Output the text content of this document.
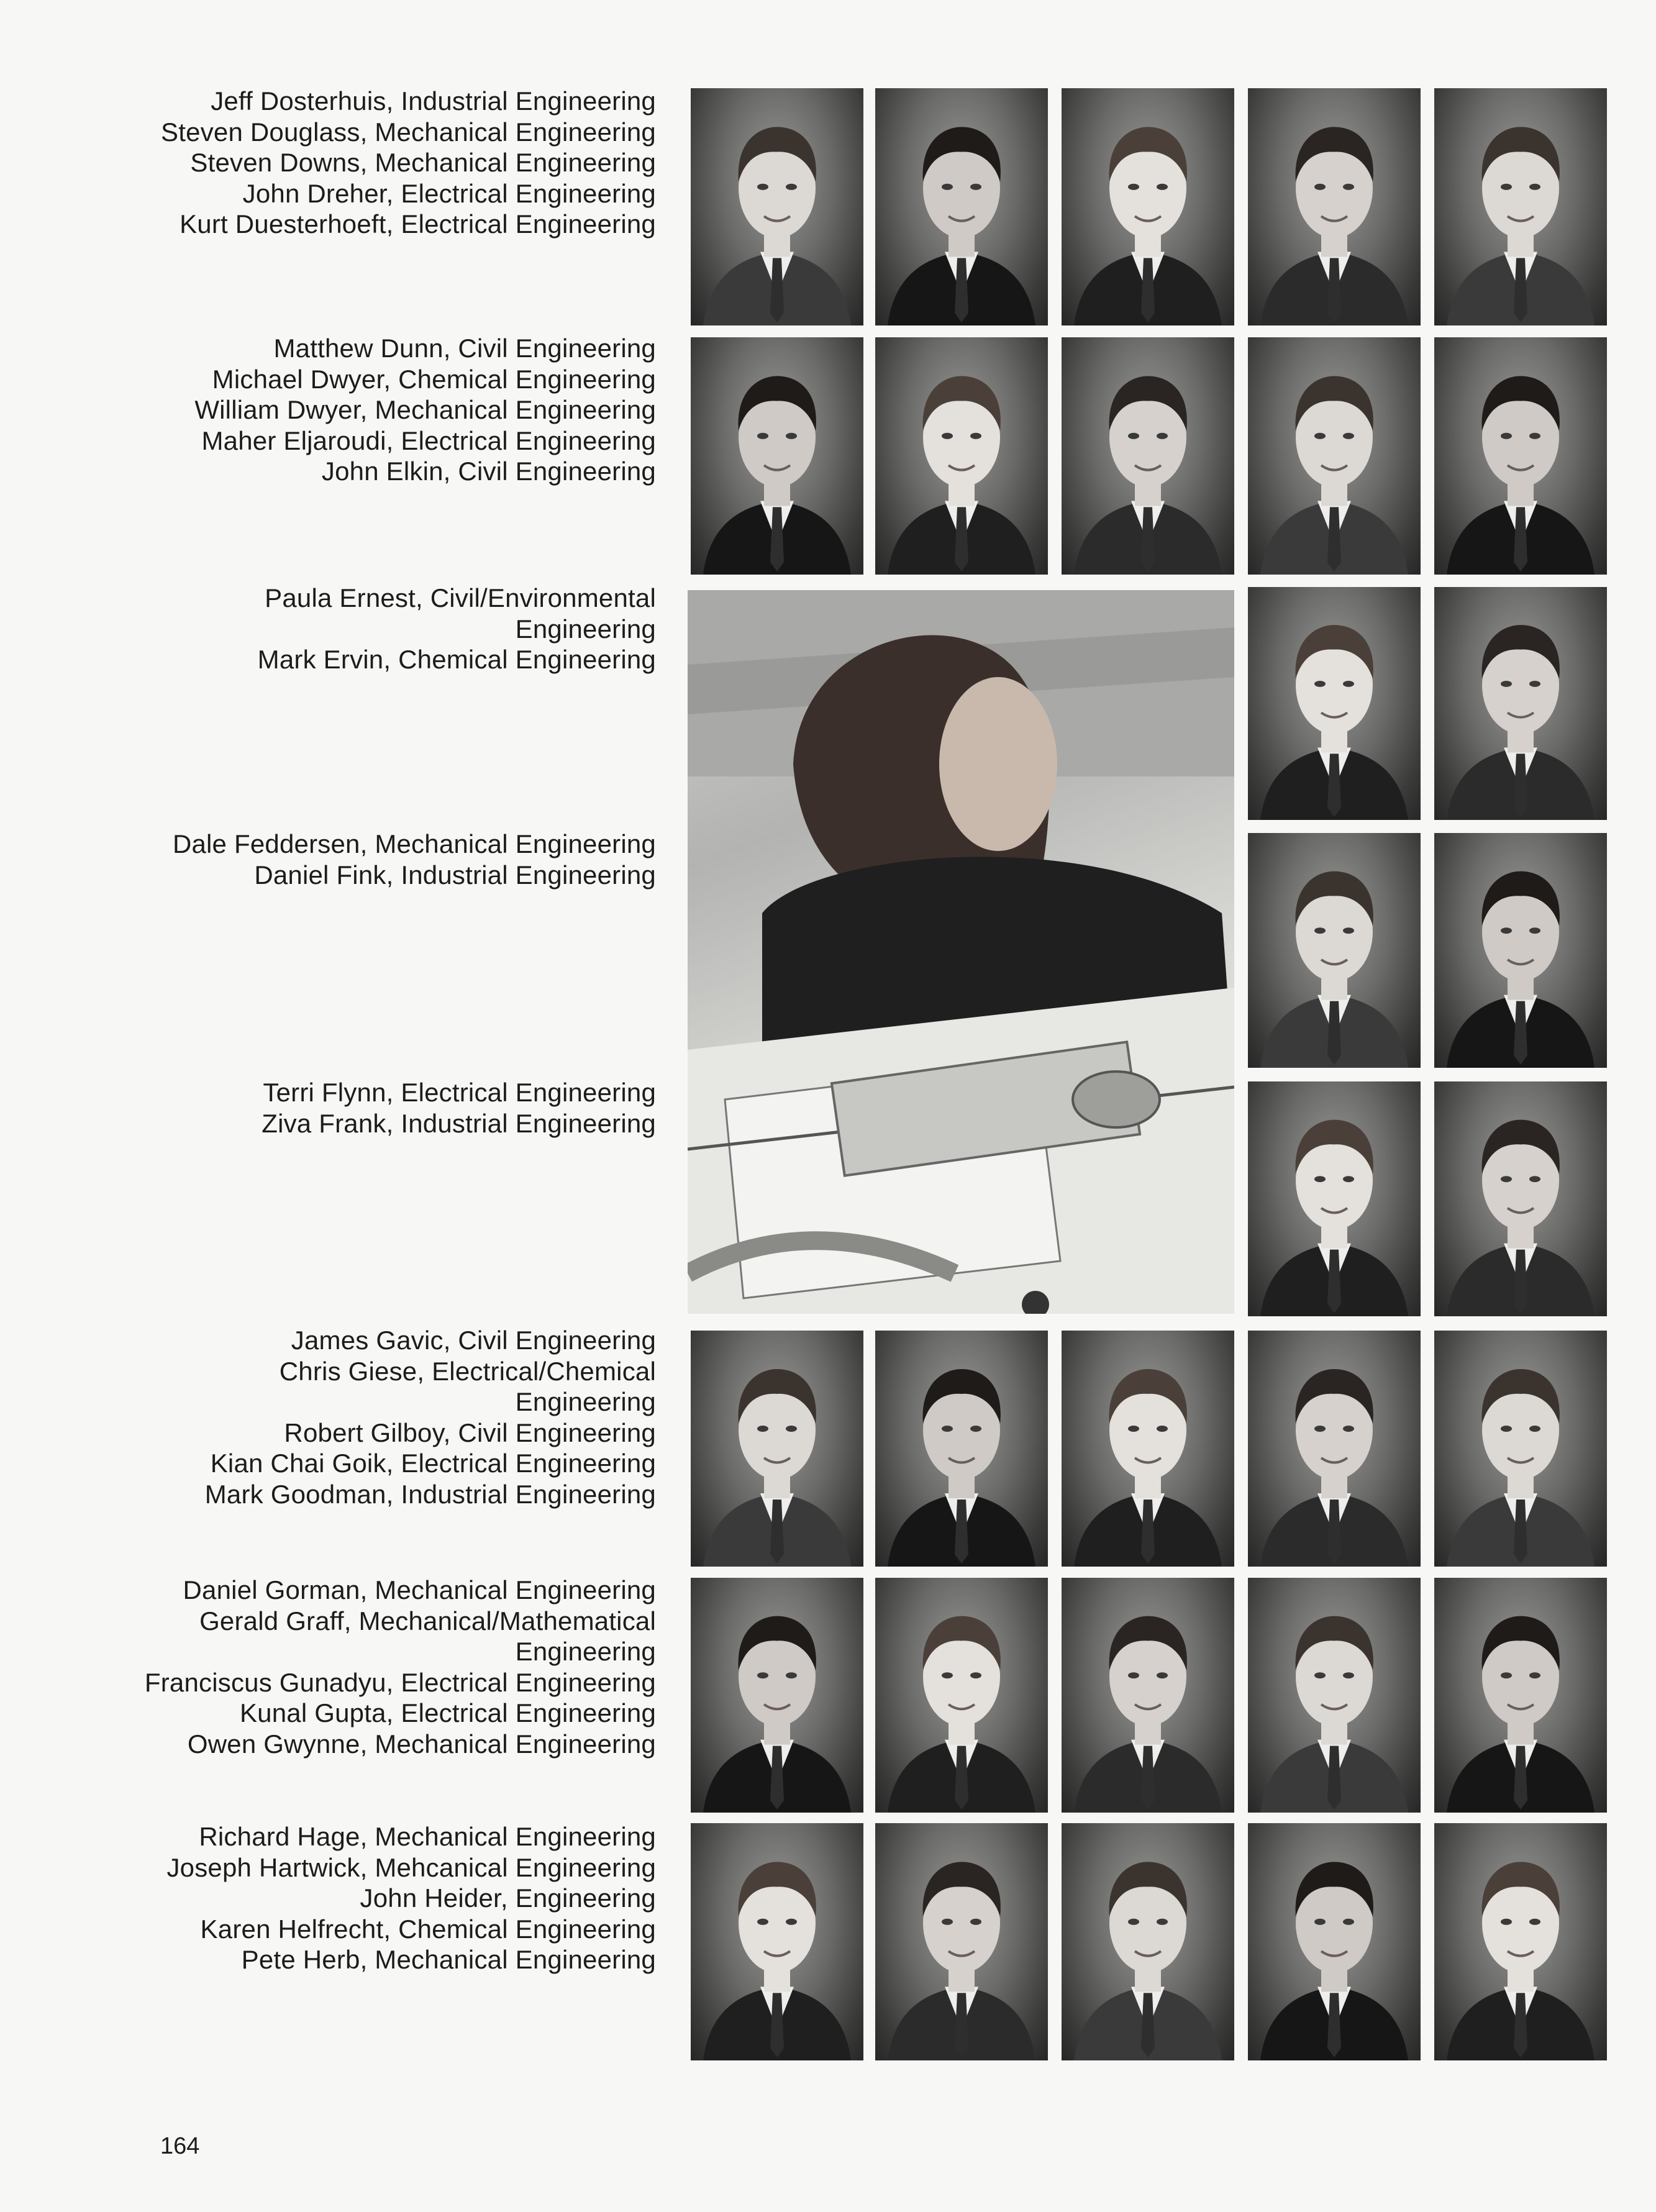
Jeff Dosterhuis, Industrial Engineering
Steven Douglass, Mechanical Engineering
Steven Downs, Mechanical Engineering
John Dreher, Electrical Engineering
Kurt Duesterhoeft, Electrical Engineering
Matthew Dunn, Civil Engineering
Michael Dwyer, Chemical Engineering
William Dwyer, Mechanical Engineering
Maher Eljaroudi, Electrical Engineering
John Elkin, Civil Engineering
Paula Ernest, Civil/Environmental
Engineering
Mark Ervin, Chemical Engineering
Dale Feddersen, Mechanical Engineering
Daniel Fink, Industrial Engineering
Terri Flynn, Electrical Engineering
Ziva Frank, Industrial Engineering
James Gavic, Civil Engineering
Chris Giese, Electrical/Chemical
Engineering
Robert Gilboy, Civil Engineering
Kian Chai Goik, Electrical Engineering
Mark Goodman, Industrial Engineering
Daniel Gorman, Mechanical Engineering
Gerald Graff, Mechanical/Mathematical
Engineering
Franciscus Gunadyu, Electrical Engineering
Kunal Gupta, Electrical Engineering
Owen Gwynne, Mechanical Engineering
Richard Hage, Mechanical Engineering
Joseph Hartwick, Mehcanical Engineering
John Heider, Engineering
Karen Helfrecht, Chemical Engineering
Pete Herb, Mechanical Engineering
164
